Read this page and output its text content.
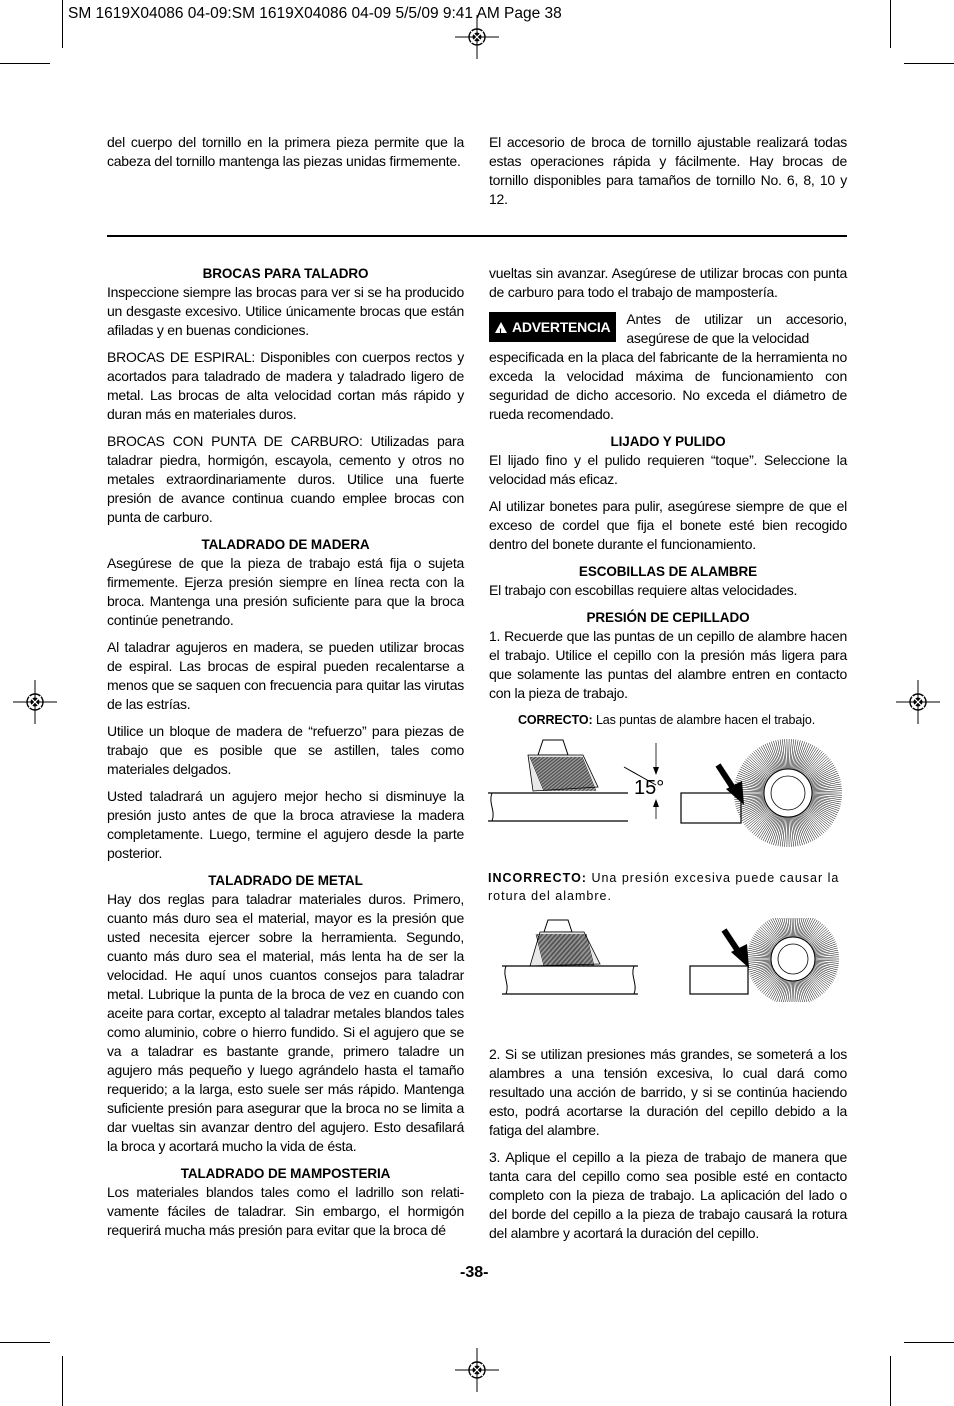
SM 1619X04086 04-09:SM 1619X04086 04-09 5/5/09 9:41 AM Page 38

del cuerpo del tornillo en la primera pieza permite que la cabeza del tornillo mantenga las piezas unidas firmemente.

El accesorio de broca de tornillo ajustable realizará todas estas operaciones rápida y fácilmente. Hay brocas de tornillo disponibles para tamaños de tornillo No. 6, 8, 10 y 12.

BROCAS PARA TALADRO

Inspeccione siempre las brocas para ver si se ha producido un desgaste excesivo. Utilice únicamente brocas que están afiladas y en buenas condiciones.

BROCAS DE ESPIRAL: Disponibles con cuerpos rectos y acortados para taladrado de madera y taladrado ligero de metal. Las brocas de alta velocidad cortan más rápido y duran más en materiales duros.

BROCAS CON PUNTA DE CARBURO: Utilizadas para taladrar piedra, hormigón, escayola, cemento y otros no metales extraordinariamente duros. Utilice una fuerte presión de avance continua cuando emplee brocas con punta de carburo.

TALADRADO DE MADERA

Asegúrese de que la pieza de trabajo está fija o sujeta firmemente. Ejerza presión siempre en línea recta con la broca. Mantenga una presión suficiente para que la broca continúe penetrando.

Al taladrar agujeros en madera, se pueden utilizar brocas de espiral. Las brocas de espiral pueden recalentarse a menos que se saquen con frecuencia para quitar las virutas de las estrías.

Utilice un bloque de madera de “refuerzo” para piezas de trabajo que es posible que se astillen, tales como materiales delgados.

Usted taladrará un agujero mejor hecho si disminuye la presión justo antes de que la broca atraviese la madera completamente. Luego, termine el agujero desde la parte posterior.

TALADRADO DE METAL

Hay dos reglas para taladrar materiales duros. Primero, cuanto más duro sea el material, mayor es la presión que usted necesita ejercer sobre la herramienta. Segundo, cuanto más duro sea el material, más lenta ha de ser la velocidad. He aquí unos cuantos consejos para taladrar metal. Lubrique la punta de la broca de vez en cuando con aceite para cortar, excepto al taladrar metales blandos tales como aluminio, cobre o hierro fundido. Si el agujero que se va a taladrar es bastante grande, primero taladre un agujero más pequeño y luego agrándelo hasta el tamaño requerido; a la larga, esto suele ser más rápido. Mantenga suficiente presión para asegurar que la broca no se limita a dar vueltas sin avanzar dentro del agujero. Esto desafilará la broca y acortará mucho la vida de ésta.

TALADRADO DE MAMPOSTERIA

Los materiales blandos tales como el ladrillo son relati-vamente fáciles de taladrar. Sin embargo, el hormigón requerirá mucha más presión para evitar que la broca dé

vueltas sin avanzar. Asegúrese de utilizar brocas con punta de carburo para todo el trabajo de mampostería.

!
ADVERTENCIA Antes de utilizar un accesorio, asegúrese de que la velocidad

especificada en la placa del fabricante de la herramienta no exceda la velocidad máxima de funcionamiento con seguridad de dicho accesorio. No exceda el diámetro de rueda recomendado.

LIJADO Y PULIDO

El lijado fino y el pulido requieren “toque”. Seleccione la velocidad más eficaz.

Al utilizar bonetes para pulir, asegúrese siempre de que el exceso de cordel que fija el bonete esté bien recogido dentro del bonete durante el funcionamiento.

ESCOBILLAS DE ALAMBRE

El trabajo con escobillas requiere altas velocidades.

PRESIÓN DE CEPILLADO

1. Recuerde que las puntas de un cepillo de alambre hacen el trabajo. Utilice el cepillo con la presión más ligera para que solamente las puntas del alambre entren en contacto con la pieza de trabajo.

CORRECTO: Las puntas de alambre hacen el trabajo.
15°
INCORRECTO: Una presión excesiva puede causar la rotura del alambre.

2. Si se utilizan presiones más grandes, se someterá a los alambres a una tensión excesiva, lo cual dará como resultado una acción de barrido, y si se continúa haciendo esto, podrá acortarse la duración del cepillo debido a la fatiga del alambre.

3. Aplique el cepillo a la pieza de trabajo de manera que tanta cara del cepillo como sea posible esté en contacto completo con la pieza de trabajo. La aplicación del lado o del borde del cepillo a la pieza de trabajo causará la rotura del alambre y acortará la duración del cepillo.

-38-
